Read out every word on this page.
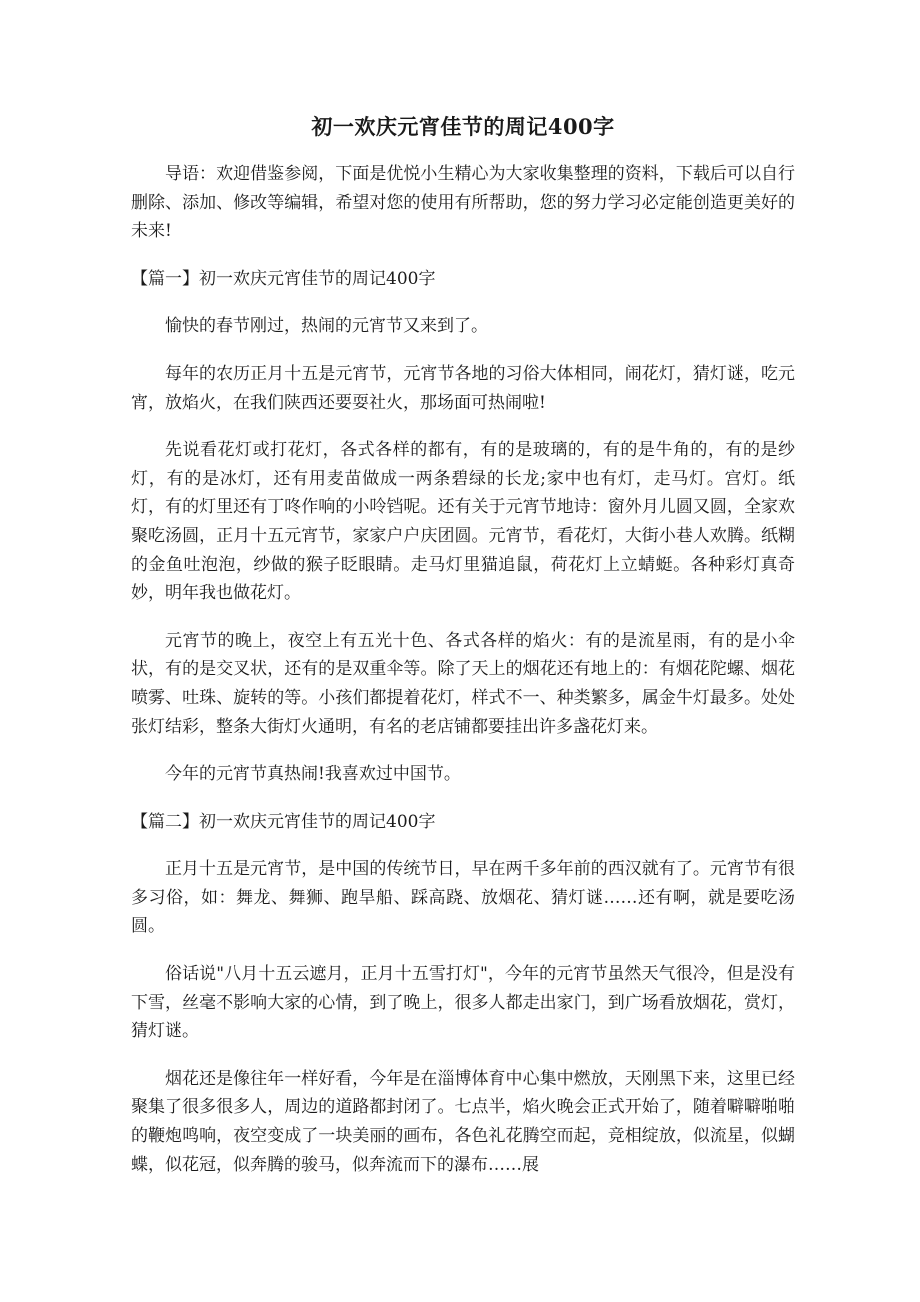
初一欢庆元宵佳节的周记400字

导语：欢迎借鉴参阅，下面是优悦小生精心为大家收集整理的资料，下载后可以自行删除、添加、修改等编辑，希望对您的使用有所帮助，您的努力学习必定能创造更美好的未来!

【篇一】初一欢庆元宵佳节的周记400字

愉快的春节刚过，热闹的元宵节又来到了。

每年的农历正月十五是元宵节，元宵节各地的习俗大体相同，闹花灯，猜灯谜，吃元宵，放焰火，在我们陕西还要耍社火，那场面可热闹啦!

先说看花灯或打花灯，各式各样的都有，有的是玻璃的，有的是牛角的，有的是纱灯，有的是冰灯，还有用麦苗做成一两条碧绿的长龙;家中也有灯，走马灯。宫灯。纸灯，有的灯里还有丁咚作响的小呤铛呢。还有关于元宵节地诗：窗外月儿圆又圆，全家欢聚吃汤圆，正月十五元宵节，家家户户庆团圆。元宵节，看花灯，大街小巷人欢腾。纸糊的金鱼吐泡泡，纱做的猴子眨眼睛。走马灯里猫追鼠，荷花灯上立蜻蜓。各种彩灯真奇妙，明年我也做花灯。

元宵节的晚上，夜空上有五光十色、各式各样的焰火：有的是流星雨，有的是小伞状，有的是交叉状，还有的是双重伞等。除了天上的烟花还有地上的：有烟花陀螺、烟花喷雾、吐珠、旋转的等。小孩们都提着花灯，样式不一、种类繁多，属金牛灯最多。处处张灯结彩，整条大街灯火通明，有名的老店铺都要挂出许多盏花灯来。

今年的元宵节真热闹!我喜欢过中国节。

【篇二】初一欢庆元宵佳节的周记400字

正月十五是元宵节，是中国的传统节日，早在两千多年前的西汉就有了。元宵节有很多习俗，如：舞龙、舞狮、跑旱船、踩高跷、放烟花、猜灯谜……还有啊，就是要吃汤圆。

俗话说"八月十五云遮月，正月十五雪打灯"，今年的元宵节虽然天气很冷，但是没有下雪，丝毫不影响大家的心情，到了晚上，很多人都走出家门，到广场看放烟花，赏灯，猜灯谜。

烟花还是像往年一样好看，今年是在淄博体育中心集中燃放，天刚黑下来，这里已经聚集了很多很多人，周边的道路都封闭了。七点半，焰火晚会正式开始了，随着噼噼啪啪的鞭炮鸣响，夜空变成了一块美丽的画布，各色礼花腾空而起，竞相绽放，似流星，似蝴蝶，似花冠，似奔腾的骏马，似奔流而下的瀑布……展
